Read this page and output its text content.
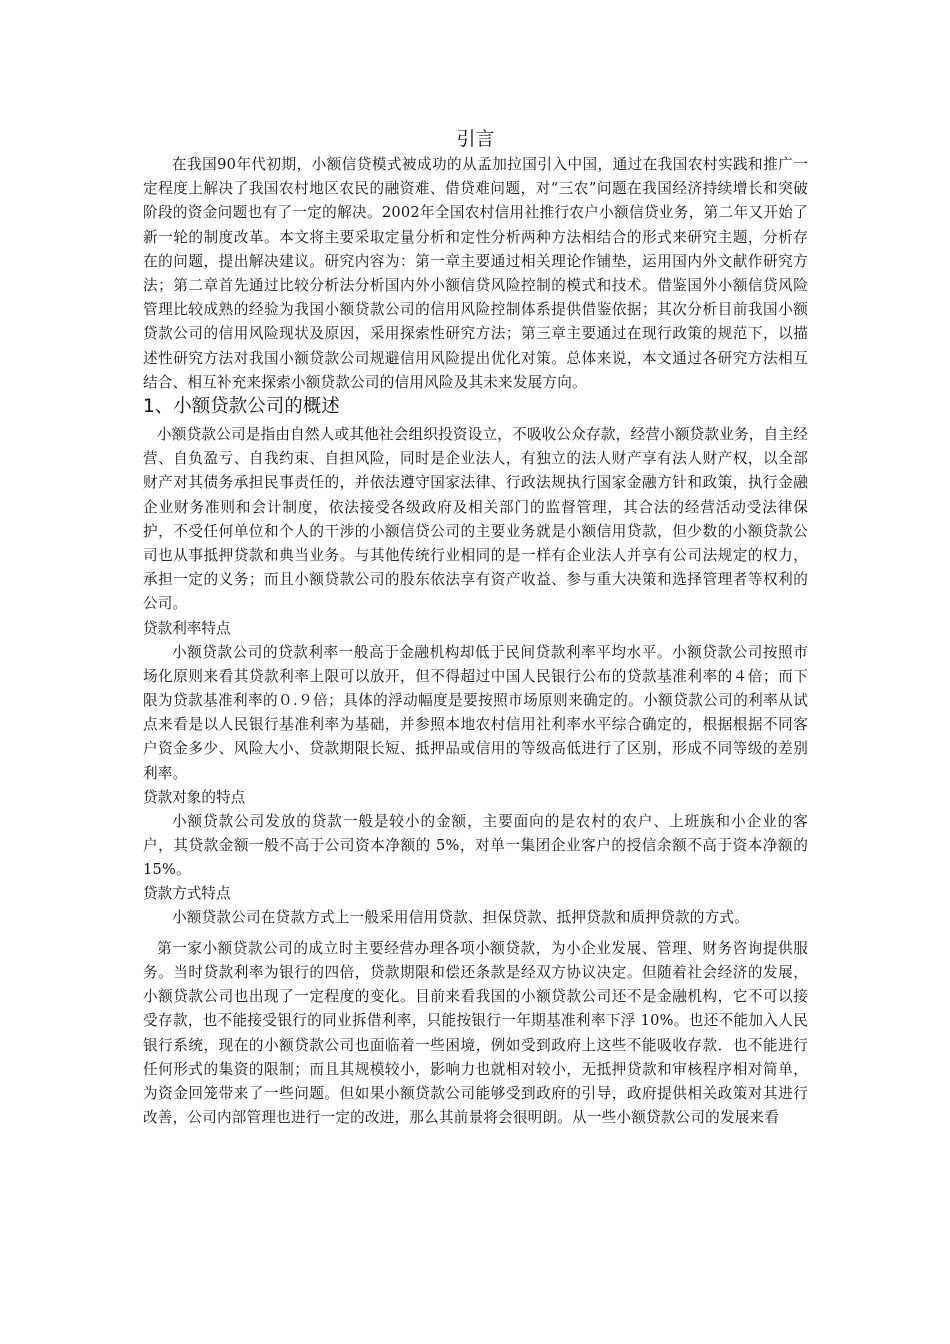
引言

在我国90年代初期，小额信贷模式被成功的从孟加拉国引入中国，通过在我国农村实践和推广一定程度上解决了我国农村地区农民的融资难、借贷难问题，对“三农”问题在我国经济持续增长和突破阶段的资金问题也有了一定的解决。2002年全国农村信用社推行农户小额信贷业务，第二年又开始了新一轮的制度改革。本文将主要采取定量分析和定性分析两种方法相结合的形式来研究主题，分析存在的问题，提出解决建议。研究内容为：第一章主要通过相关理论作铺垫，运用国内外文献作研究方法；第二章首先通过比较分析法分析国内外小额信贷风险控制的模式和技术。借鉴国外小额信贷风险管理比较成熟的经验为我国小额贷款公司的信用风险控制体系提供借鉴依据；其次分析目前我国小额贷款公司的信用风险现状及原因，采用探索性研究方法；第三章主要通过在现行政策的规范下，以描述性研究方法对我国小额贷款公司规避信用风险提出优化对策。总体来说，本文通过各研究方法相互结合、相互补充来探索小额贷款公司的信用风险及其未来发展方向。

1、小额贷款公司的概述

小额贷款公司是指由自然人或其他社会组织投资设立，不吸收公众存款，经营小额贷款业务，自主经营、自负盈亏、自我约束、自担风险，同时是企业法人，有独立的法人财产享有法人财产权，以全部财产对其债务承担民事责任的，并依法遵守国家法律、行政法规执行国家金融方针和政策，执行金融企业财务准则和会计制度，依法接受各级政府及相关部门的监督管理，其合法的经营活动受法律保护，不受任何单位和个人的干涉的小额信贷公司的主要业务就是小额信用贷款，但少数的小额贷款公司也从事抵押贷款和典当业务。与其他传统行业相同的是一样有企业法人并享有公司法规定的权力，承担一定的义务；而且小额贷款公司的股东依法享有资产收益、参与重大决策和选择管理者等权利的公司。

贷款利率特点

小额贷款公司的贷款利率一般高于金融机构却低于民间贷款利率平均水平。小额贷款公司按照市场化原则来看其贷款利率上限可以放开，但不得超过中国人民银行公布的贷款基准利率的４倍；而下限为贷款基准利率的０.９倍；具体的浮动幅度是要按照市场原则来确定的。小额贷款公司的利率从试点来看是以人民银行基准利率为基础，并参照本地农村信用社利率水平综合确定的，根据根据不同客户资金多少、风险大小、贷款期限长短、抵押品或信用的等级高低进行了区别，形成不同等级的差别利率。

贷款对象的特点

小额贷款公司发放的贷款一般是较小的金额，主要面向的是农村的农户、上班族和小企业的客户，其贷款金额一般不高于公司资本净额的 5%，对单一集团企业客户的授信余额不高于资本净额的 15%。

贷款方式特点

小额贷款公司在贷款方式上一般采用信用贷款、担保贷款、抵押贷款和质押贷款的方式。

第一家小额贷款公司的成立时主要经营办理各项小额贷款，为小企业发展、管理、财务咨询提供服务。当时贷款利率为银行的四倍，贷款期限和偿还条款是经双方协议决定。但随着社会经济的发展，小额贷款公司也出现了一定程度的变化。目前来看我国的小额贷款公司还不是金融机构，它不可以接受存款，也不能接受银行的同业拆借利率，只能按银行一年期基准利率下浮 10%。也还不能加入人民银行系统，现在的小额贷款公司也面临着一些困境，例如受到政府上这些不能吸收存款．也不能进行任何形式的集资的限制；而且其规模较小，影响力也就相对较小，无抵押贷款和审核程序相对简单，为资金回笼带来了一些问题。但如果小额贷款公司能够受到政府的引导，政府提供相关政策对其进行改善，公司内部管理也进行一定的改进，那么其前景将会很明朗。从一些小额贷款公司的发展来看
